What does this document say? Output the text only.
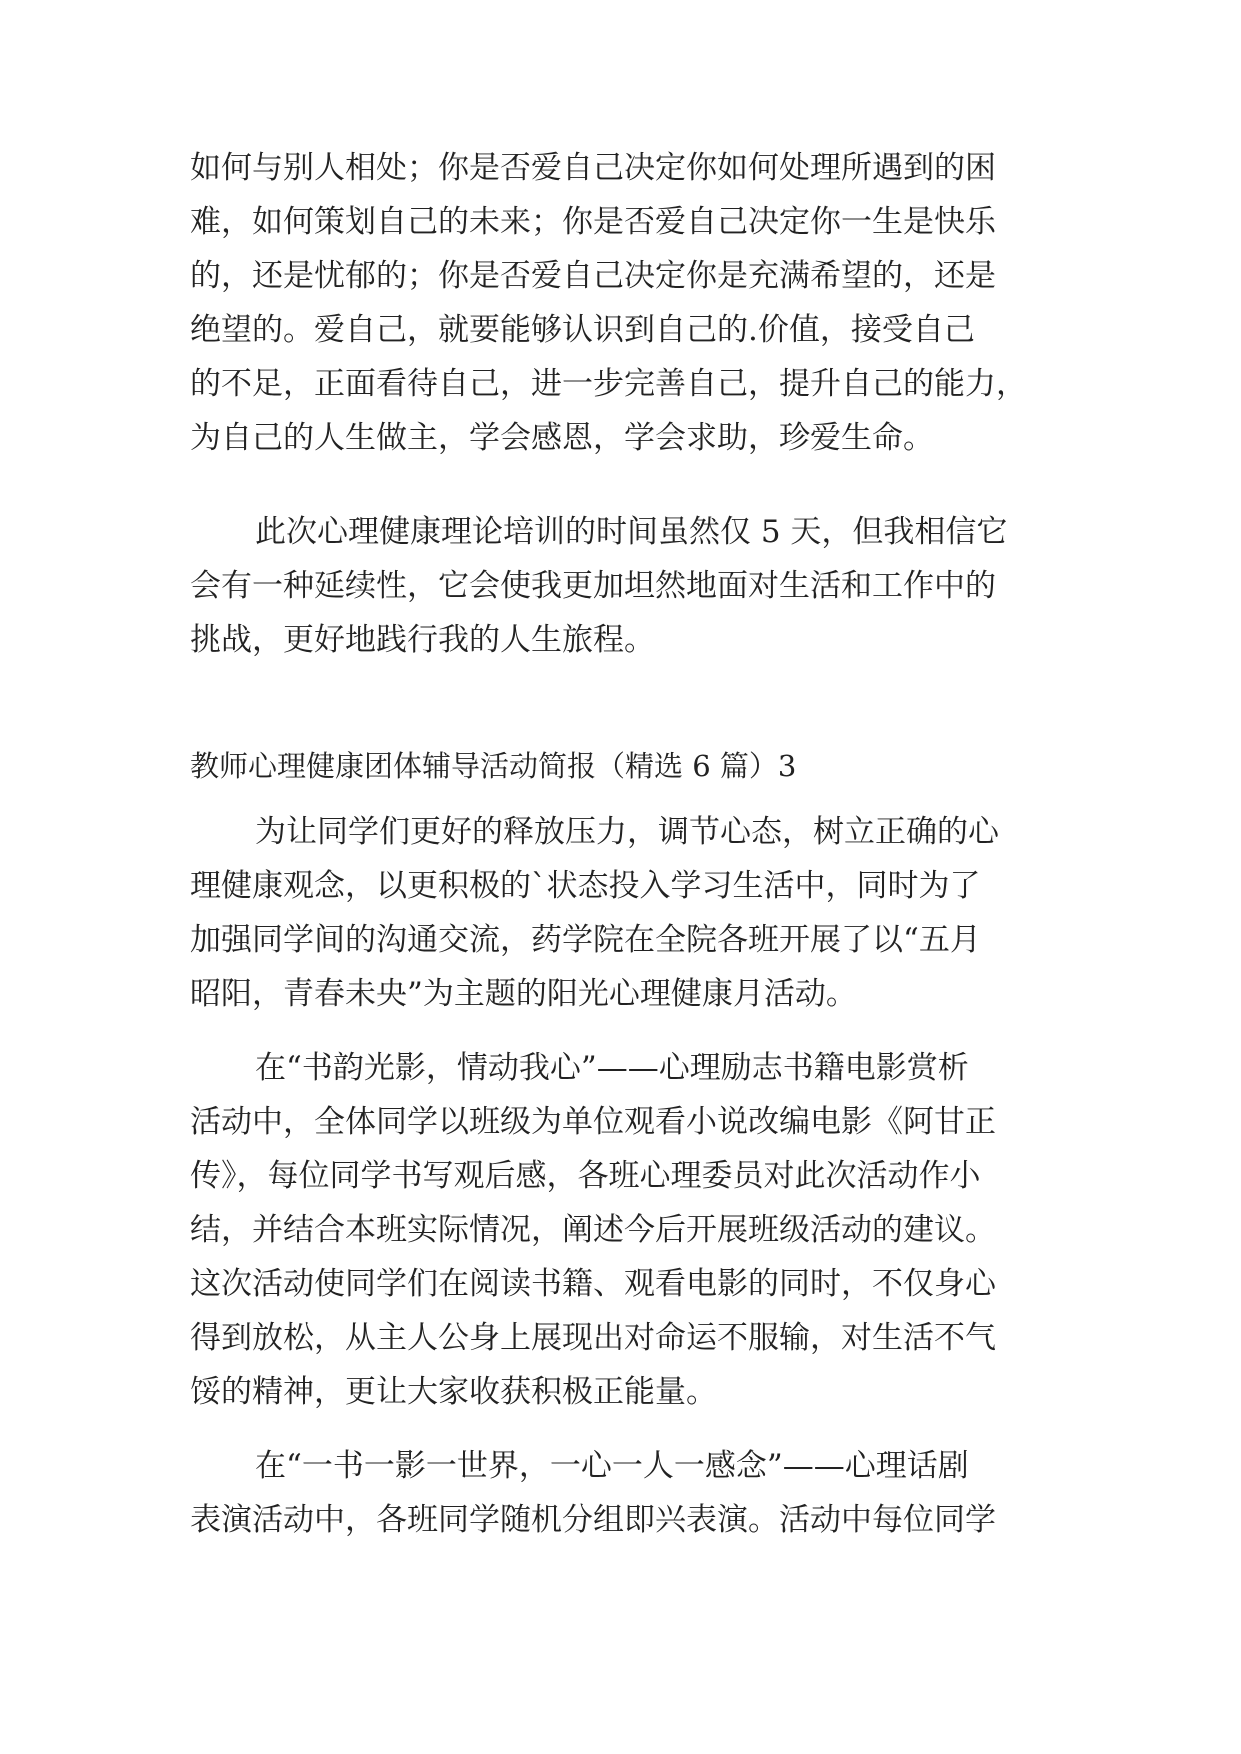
如何与别人相处；你是否爱自己决定你如何处理所遇到的困
难，如何策划自己的未来；你是否爱自己决定你一生是快乐
的，还是忧郁的；你是否爱自己决定你是充满希望的，还是
绝望的。爱自己，就要能够认识到自己的.价值，接受自己
的不足，正面看待自己，进一步完善自己，提升自己的能力，
为自己的人生做主，学会感恩，学会求助，珍爱生命。
此次心理健康理论培训的时间虽然仅 5 天，但我相信它
会有一种延续性，它会使我更加坦然地面对生活和工作中的
挑战，更好地践行我的人生旅程。
教师心理健康团体辅导活动简报（精选 6 篇）3
为让同学们更好的释放压力，调节心态，树立正确的心
理健康观念，以更积极的`状态投入学习生活中，同时为了
加强同学间的沟通交流，药学院在全院各班开展了以“五月
昭阳，青春未央”为主题的阳光心理健康月活动。
在“书韵光影，情动我心”——心理励志书籍电影赏析
活动中，全体同学以班级为单位观看小说改编电影《阿甘正
传》，每位同学书写观后感，各班心理委员对此次活动作小
结，并结合本班实际情况，阐述今后开展班级活动的建议。
这次活动使同学们在阅读书籍、观看电影的同时，不仅身心
得到放松，从主人公身上展现出对命运不服输，对生活不气
馁的精神，更让大家收获积极正能量。
在“一书一影一世界，一心一人一感念”——心理话剧
表演活动中，各班同学随机分组即兴表演。活动中每位同学
